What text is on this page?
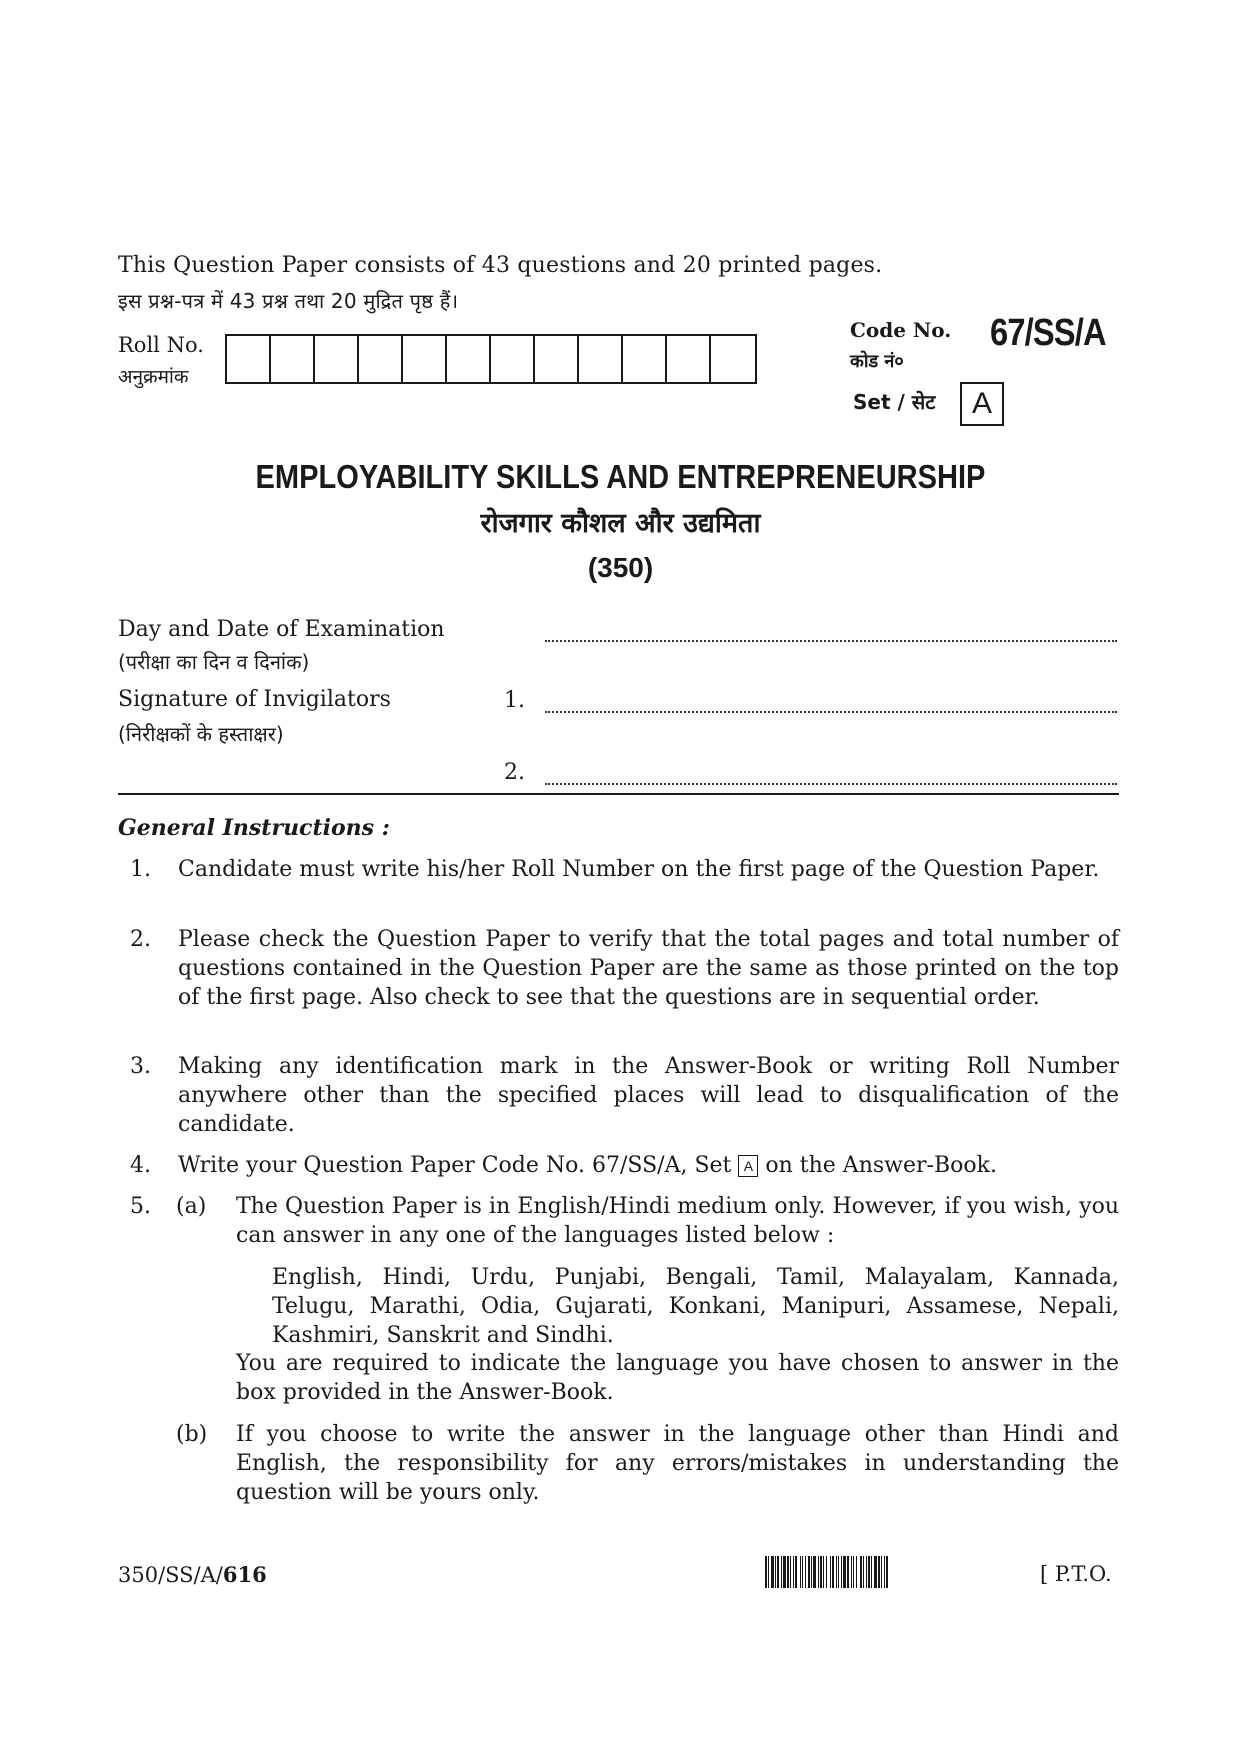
This Question Paper consists of 43 questions and 20 printed pages.
इस प्रश्न-पत्र में 43 प्रश्न तथा 20 मुद्रित पृष्ठ हैं।
Roll No.
अनुक्रमांक
Code No.
कोड नं०
67/SS/A
Set / सेट	A
EMPLOYABILITY SKILLS AND ENTREPRENEURSHIP
रोजगार कौशल और उद्यमिता
(350)
Day and Date of Examination
(परीक्षा का दिन व दिनांक)
Signature of Invigilators
(निरीक्षकों के हस्ताक्षर)
1.
2.
General Instructions :
1. Candidate must write his/her Roll Number on the first page of the Question Paper.
2. Please check the Question Paper to verify that the total pages and total number of questions contained in the Question Paper are the same as those printed on the top of the first page. Also check to see that the questions are in sequential order.
3. Making any identification mark in the Answer-Book or writing Roll Number anywhere other than the specified places will lead to disqualification of the candidate.
4. Write your Question Paper Code No. 67/SS/A, Set A on the Answer-Book.
5. (a) The Question Paper is in English/Hindi medium only. However, if you wish, you can answer in any one of the languages listed below :
English, Hindi, Urdu, Punjabi, Bengali, Tamil, Malayalam, Kannada, Telugu, Marathi, Odia, Gujarati, Konkani, Manipuri, Assamese, Nepali, Kashmiri, Sanskrit and Sindhi.
You are required to indicate the language you have chosen to answer in the box provided in the Answer-Book.
(b) If you choose to write the answer in the language other than Hindi and English, the responsibility for any errors/mistakes in understanding the question will be yours only.
350/SS/A/616	[ P.T.O.
